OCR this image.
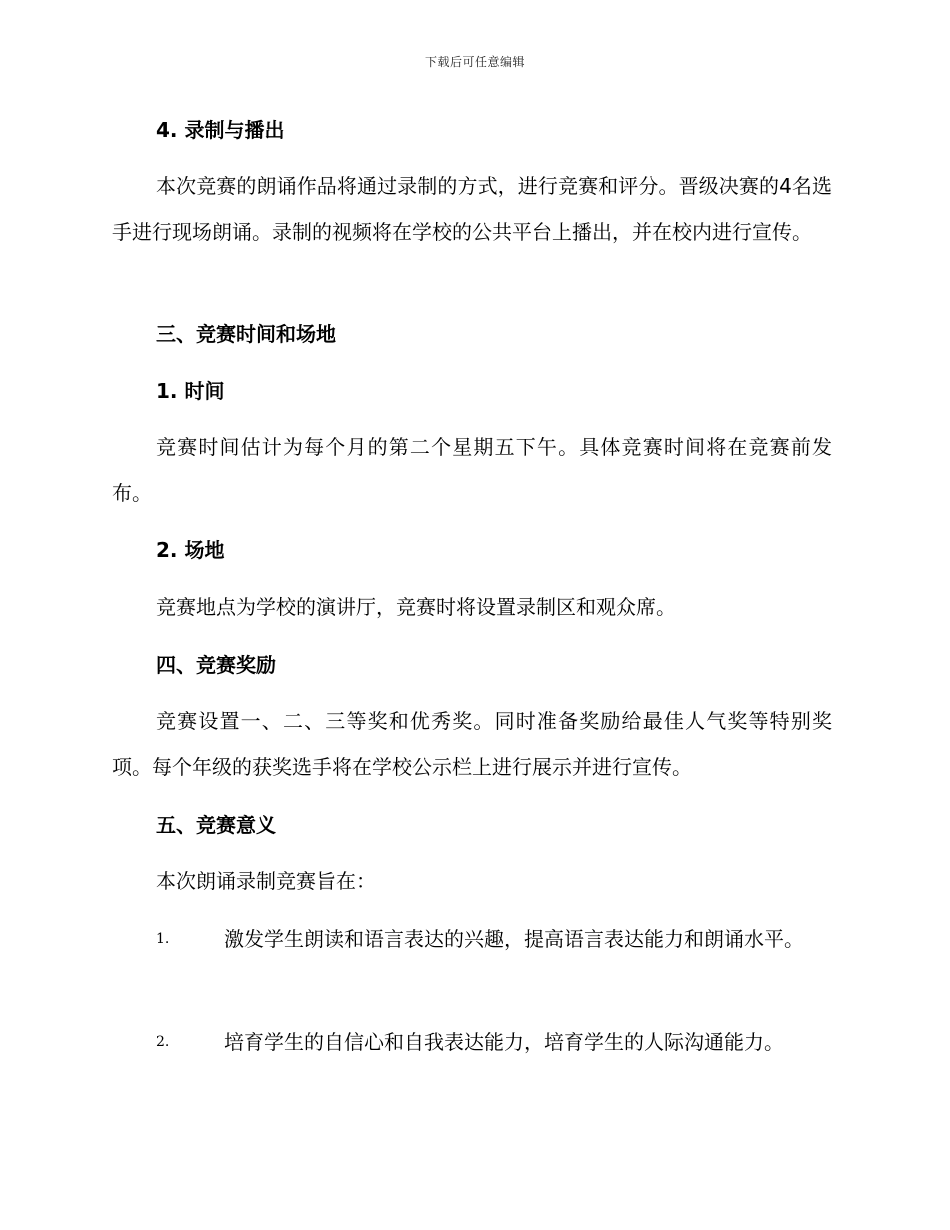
下载后可任意编辑
4. 录制与播出
本次竞赛的朗诵作品将通过录制的方式，进行竞赛和评分。晋级决赛的4名选手进行现场朗诵。录制的视频将在学校的公共平台上播出，并在校内进行宣传。
三、竞赛时间和场地
1. 时间
竞赛时间估计为每个月的第二个星期五下午。具体竞赛时间将在竞赛前发布。
2. 场地
竞赛地点为学校的演讲厅，竞赛时将设置录制区和观众席。
四、竞赛奖励
竞赛设置一、二、三等奖和优秀奖。同时准备奖励给最佳人气奖等特别奖项。每个年级的获奖选手将在学校公示栏上进行展示并进行宣传。
五、竞赛意义
本次朗诵录制竞赛旨在：
1.	激发学生朗读和语言表达的兴趣，提高语言表达能力和朗诵水平。
2.	培育学生的自信心和自我表达能力，培育学生的人际沟通能力。
